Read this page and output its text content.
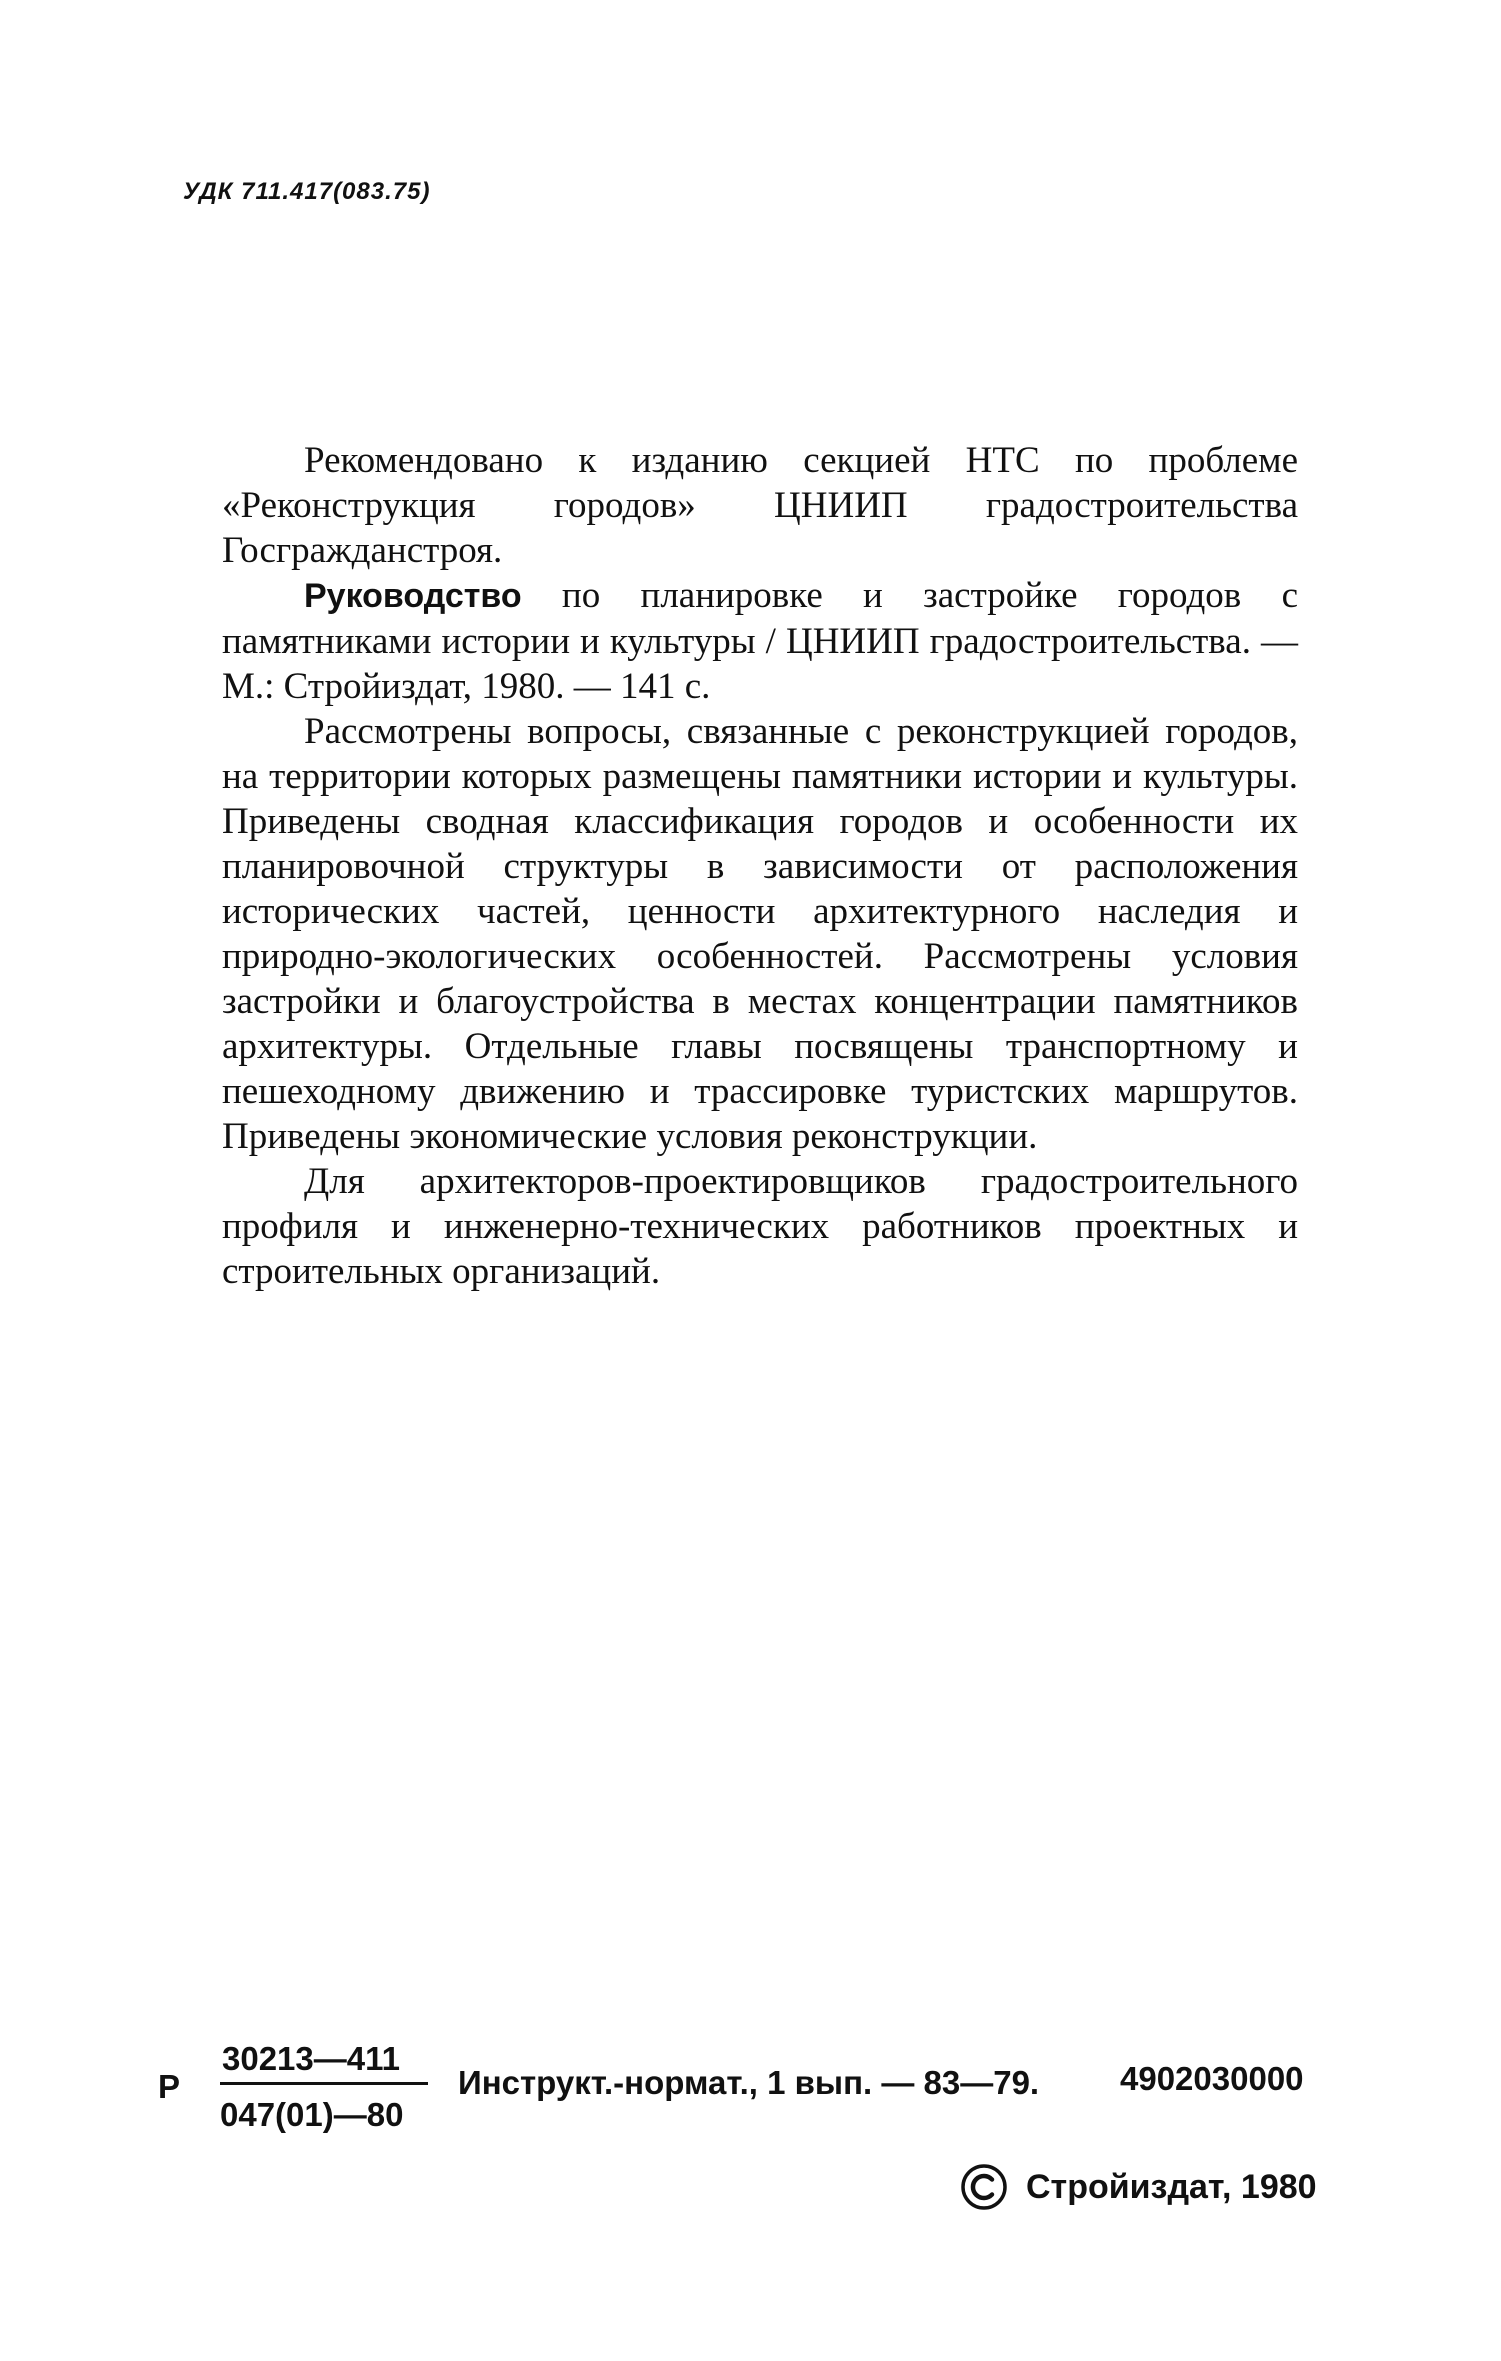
УДК 711.417(083.75)

Рекомендовано к изданию секцией НТС по проблеме «Реконструкция городов» ЦНИИП градостроительства Госгражданстроя.

Руководство по планировке и застройке городов с памятниками истории и культуры / ЦНИИП градостроительства. — М.: Стройиздат, 1980. — 141 с.

Рассмотрены вопросы, связанные с реконструкцией городов, на территории которых размещены памятники истории и культуры. Приведены сводная классификация городов и особенности их планировочной структуры в зависимости от расположения исторических частей, ценности архитектурного наследия и природно-экологических особенностей. Рассмотрены условия застройки и благоустройства в местах концентрации памятников архитектуры. Отдельные главы посвящены транспортному и пешеходному движению и трассировке туристских маршрутов. Приведены экономические условия реконструкции.

Для архитекторов-проектировщиков градостроительного профиля и инженерно-технических работников проектных и строительных организаций.

Р
30213—411
047(01)—80
Инструкт.-нормат., 1 вып. — 83—79. 4902030000
Стройиздат, 1980
